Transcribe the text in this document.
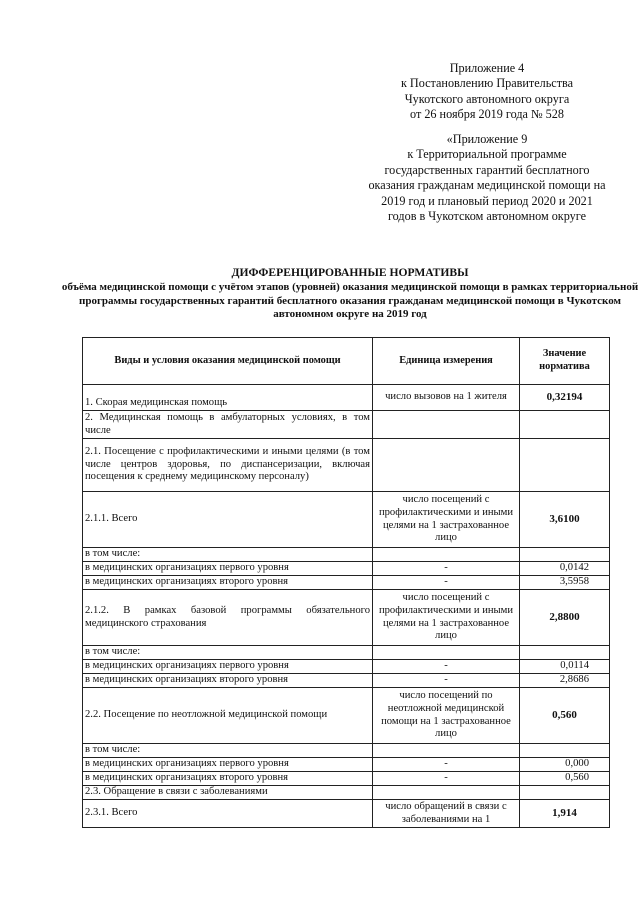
Приложение 4
к Постановлению Правительства
Чукотского автономного округа
от 26 ноября 2019 года № 528
«Приложение 9
к Территориальной программе государственных гарантий бесплатного оказания гражданам медицинской помощи на 2019 год и плановый период 2020 и 2021 годов в Чукотском автономном округе
ДИФФЕРЕНЦИРОВАННЫЕ НОРМАТИВЫ
объёма медицинской помощи с учётом этапов (уровней) оказания медицинской помощи в рамках территориальной программы государственных гарантий бесплатного оказания гражданам медицинской помощи в Чукотском автономном округе на 2019 год
Виды и условия оказания медицинской помощи	Единица измерения	Значение норматива
1. Скорая медицинская помощь	число вызовов на 1 жителя	0,32194
2. Медицинская помощь в амбулаторных условиях, в том числе		
2.1. Посещение с профилактическими и иными целями (в том числе центров здоровья, по диспансеризации, включая посещения к среднему медицинскому персоналу)		
2.1.1. Всего	число посещений с профилактическими и иными целями на 1 застрахованное лицо	3,6100
в том числе:		
в медицинских организациях первого уровня	-	0,0142
в медицинских организациях второго уровня	-	3,5958
2.1.2. В рамках базовой программы обязательного медицинского страхования	число посещений с профилактическими и иными целями на 1 застрахованное лицо	2,8800
в том числе:		
в медицинских организациях первого уровня	-	0,0114
в медицинских организациях второго уровня	-	2,8686
2.2. Посещение по неотложной медицинской помощи	число посещений по неотложной медицинской помощи на 1 застрахованное лицо	0,560
в том числе:		
в медицинских организациях первого уровня	-	0,000
в медицинских организациях второго уровня	-	0,560
2.3. Обращение в связи с заболеваниями		
2.3.1. Всего	число обращений в связи с заболеваниями на 1	1,914
